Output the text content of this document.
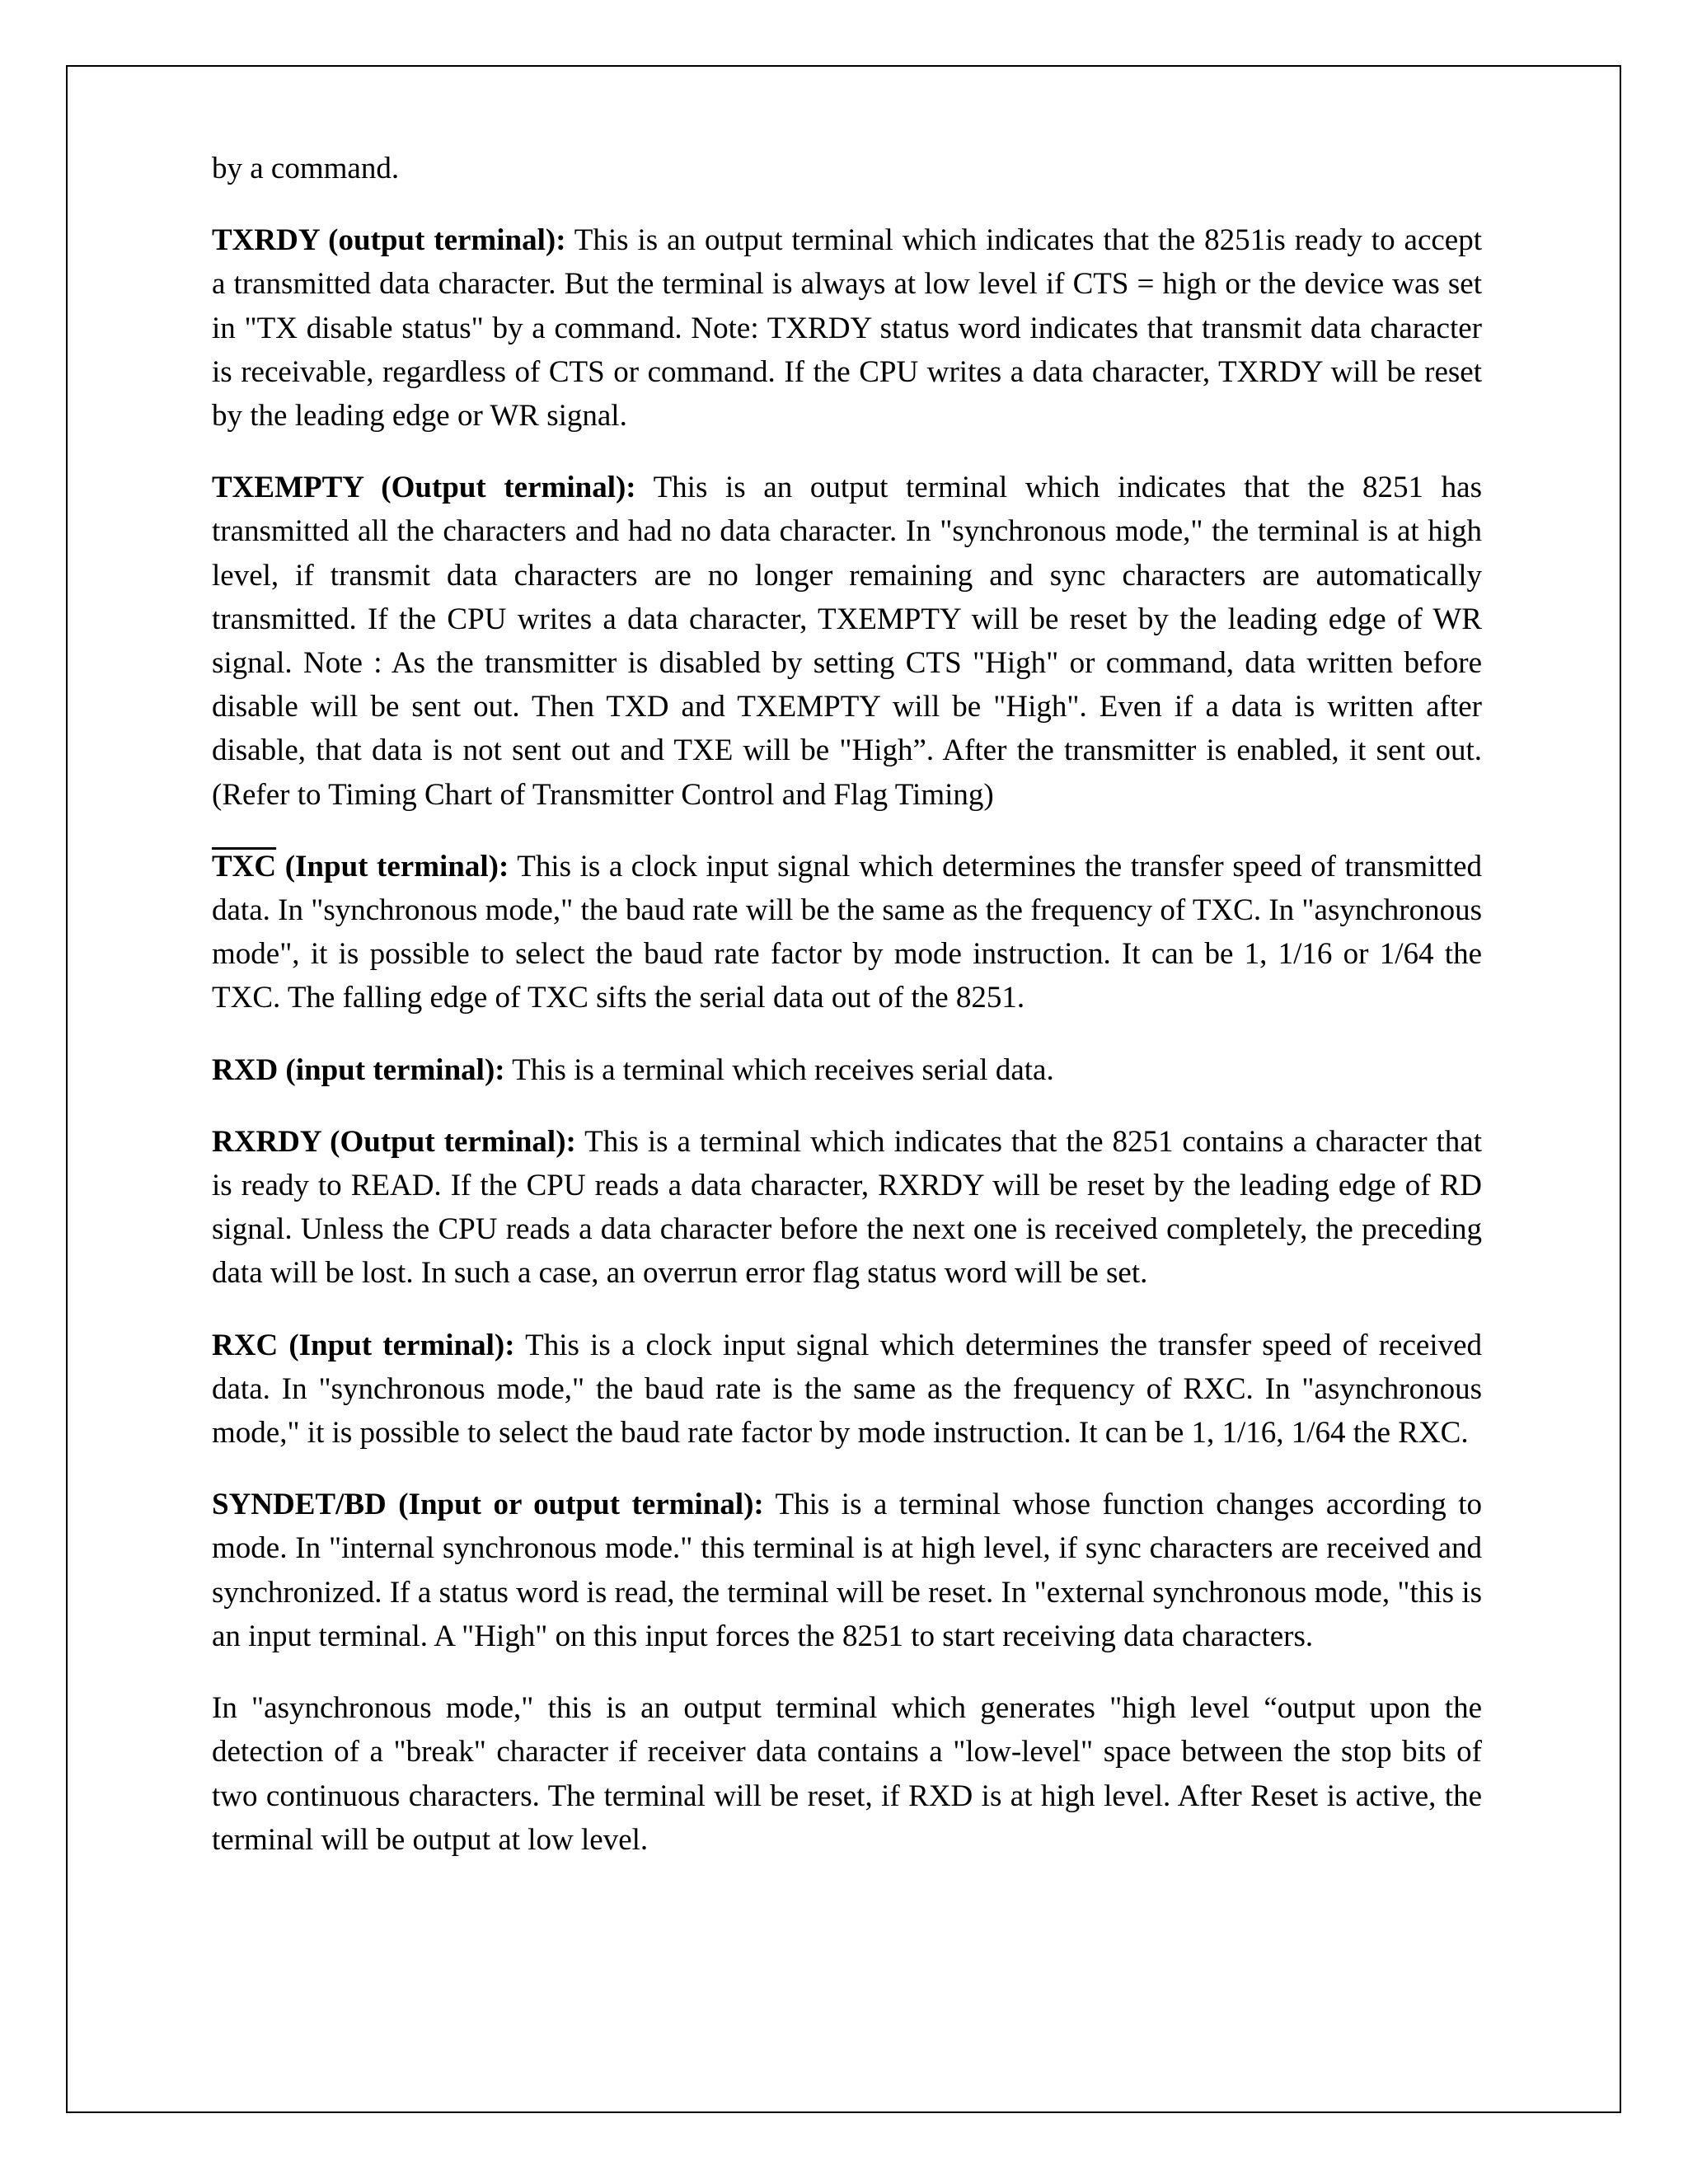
by a command.

TXRDY (output terminal): This is an output terminal which indicates that the 8251is ready to accept a transmitted data character. But the terminal is always at low level if CTS = high or the device was set in "TX disable status" by a command. Note: TXRDY status word indicates that transmit data character is receivable, regardless of CTS or command. If the CPU writes a data character, TXRDY will be reset by the leading edge or WR signal.

TXEMPTY (Output terminal): This is an output terminal which indicates that the 8251 has transmitted all the characters and had no data character. In "synchronous mode," the terminal is at high level, if transmit data characters are no longer remaining and sync characters are automatically transmitted. If the CPU writes a data character, TXEMPTY will be reset by the leading edge of WR signal. Note : As the transmitter is disabled by setting CTS "High" or command, data written before disable will be sent out. Then TXD and TXEMPTY will be "High". Even if a data is written after disable, that data is not sent out and TXE will be "High”. After the transmitter is enabled, it sent out. (Refer to Timing Chart of Transmitter Control and Flag Timing)

$\overline{TXC}$ (Input terminal): This is a clock input signal which determines the transfer speed of transmitted data. In "synchronous mode," the baud rate will be the same as the frequency of TXC. In "asynchronous mode", it is possible to select the baud rate factor by mode instruction. It can be 1, 1/16 or 1/64 the TXC. The falling edge of TXC sifts the serial data out of the 8251.

RXD (input terminal): This is a terminal which receives serial data.

RXRDY (Output terminal): This is a terminal which indicates that the 8251 contains a character that is ready to READ. If the CPU reads a data character, RXRDY will be reset by the leading edge of RD signal. Unless the CPU reads a data character before the next one is received completely, the preceding data will be lost. In such a case, an overrun error flag status word will be set.

RXC (Input terminal): This is a clock input signal which determines the transfer speed of received data. In "synchronous mode," the baud rate is the same as the frequency of RXC. In "asynchronous mode," it is possible to select the baud rate factor by mode instruction. It can be 1, 1/16, 1/64 the RXC.

SYNDET/BD (Input or output terminal): This is a terminal whose function changes according to mode. In "internal synchronous mode." this terminal is at high level, if sync characters are received and synchronized. If a status word is read, the terminal will be reset. In "external synchronous mode, "this is an input terminal. A "High" on this input forces the 8251 to start receiving data characters.

In "asynchronous mode," this is an output terminal which generates "high level “output upon the detection of a "break" character if receiver data contains a "low-level" space between the stop bits of two continuous characters. The terminal will be reset, if RXD is at high level. After Reset is active, the terminal will be output at low level.
